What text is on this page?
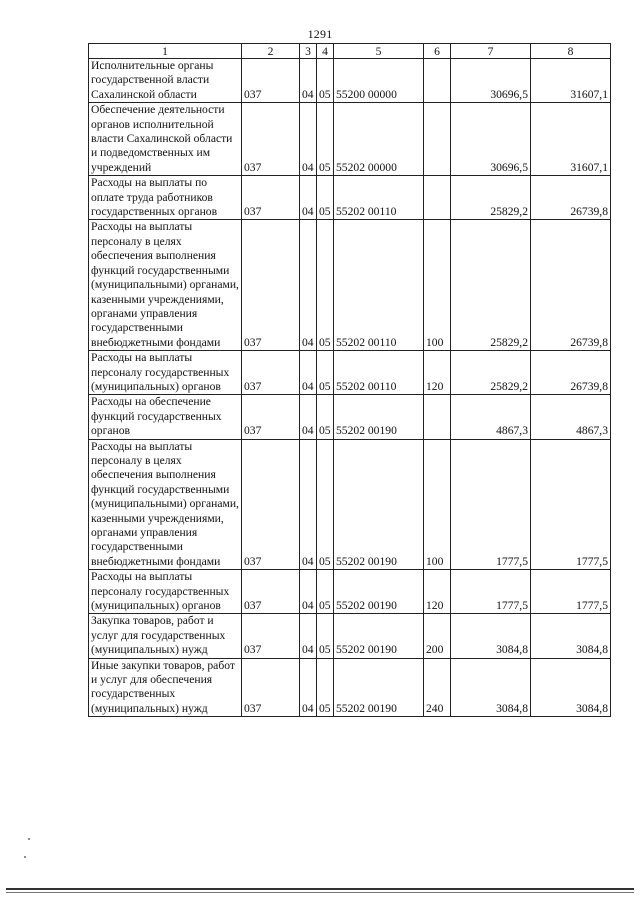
1291
1	2	3	4	5	6	7	8
Исполнительные органы государственной власти Сахалинской области	037	04	05	55200 00000		30696,5	31607,1
Обеспечение деятельности органов исполнительной власти Сахалинской области и подведомственных им учреждений	037	04	05	55202 00000		30696,5	31607,1
Расходы на выплаты по оплате труда работников государственных органов	037	04	05	55202 00110		25829,2	26739,8
Расходы на выплаты персоналу в целях обеспечения выполнения функций государственными (муниципальными) органами, казенными учреждениями, органами управления государственными внебюджетными фондами	037	04	05	55202 00110	100	25829,2	26739,8
Расходы на выплаты персоналу государственных (муниципальных) органов	037	04	05	55202 00110	120	25829,2	26739,8
Расходы на обеспечение функций государственных органов	037	04	05	55202 00190		4867,3	4867,3
Расходы на выплаты персоналу в целях обеспечения выполнения функций государственными (муниципальными) органами, казенными учреждениями, органами управления государственными внебюджетными фондами	037	04	05	55202 00190	100	1777,5	1777,5
Расходы на выплаты персоналу государственных (муниципальных) органов	037	04	05	55202 00190	120	1777,5	1777,5
Закупка товаров, работ и услуг для государственных (муниципальных) нужд	037	04	05	55202 00190	200	3084,8	3084,8
Иные закупки товаров, работ и услуг для обеспечения государственных (муниципальных) нужд	037	04	05	55202 00190	240	3084,8	3084,8
